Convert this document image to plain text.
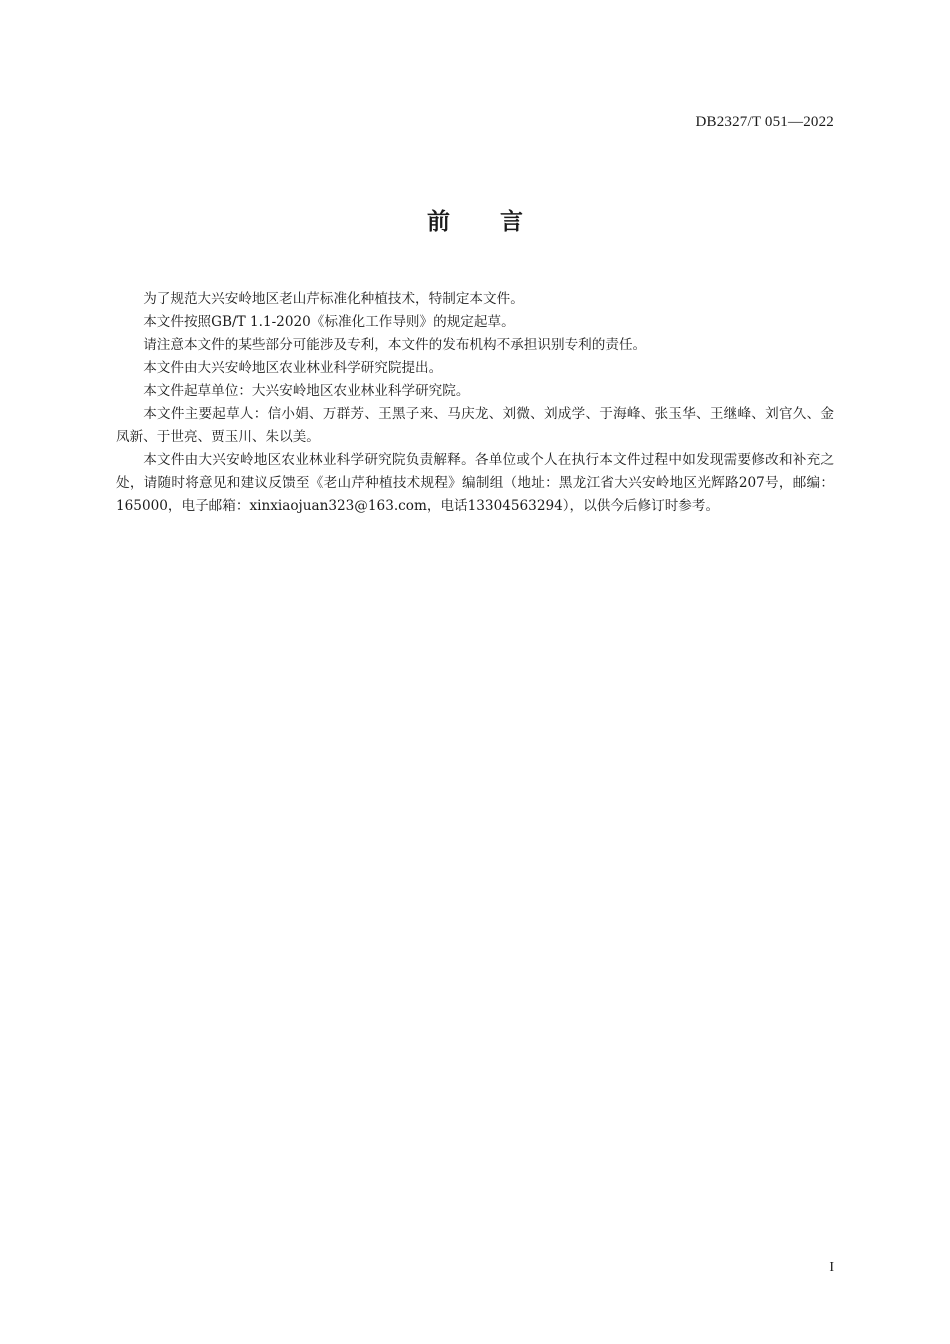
DB2327/T 051—2022
前言

为了规范大兴安岭地区老山芹标准化种植技术，特制定本文件。

本文件按照GB/T 1.1-2020《标准化工作导则》的规定起草。

请注意本文件的某些部分可能涉及专利，本文件的发布机构不承担识别专利的责任。

本文件由大兴安岭地区农业林业科学研究院提出。

本文件起草单位：大兴安岭地区农业林业科学研究院。

本文件主要起草人：信小娟、万群芳、王黑子来、马庆龙、刘微、刘成学、于海峰、张玉华、王继峰、刘官久、金凤新、于世亮、贾玉川、朱以美。

本文件由大兴安岭地区农业林业科学研究院负责解释。各单位或个人在执行本文件过程中如发现需要修改和补充之处，请随时将意见和建议反馈至《老山芹种植技术规程》编制组（地址：黑龙江省大兴安岭地区光辉路207号，邮编：165000，电子邮箱：xinxiaojuan323@163.com，电话13304563294），以供今后修订时参考。

I
